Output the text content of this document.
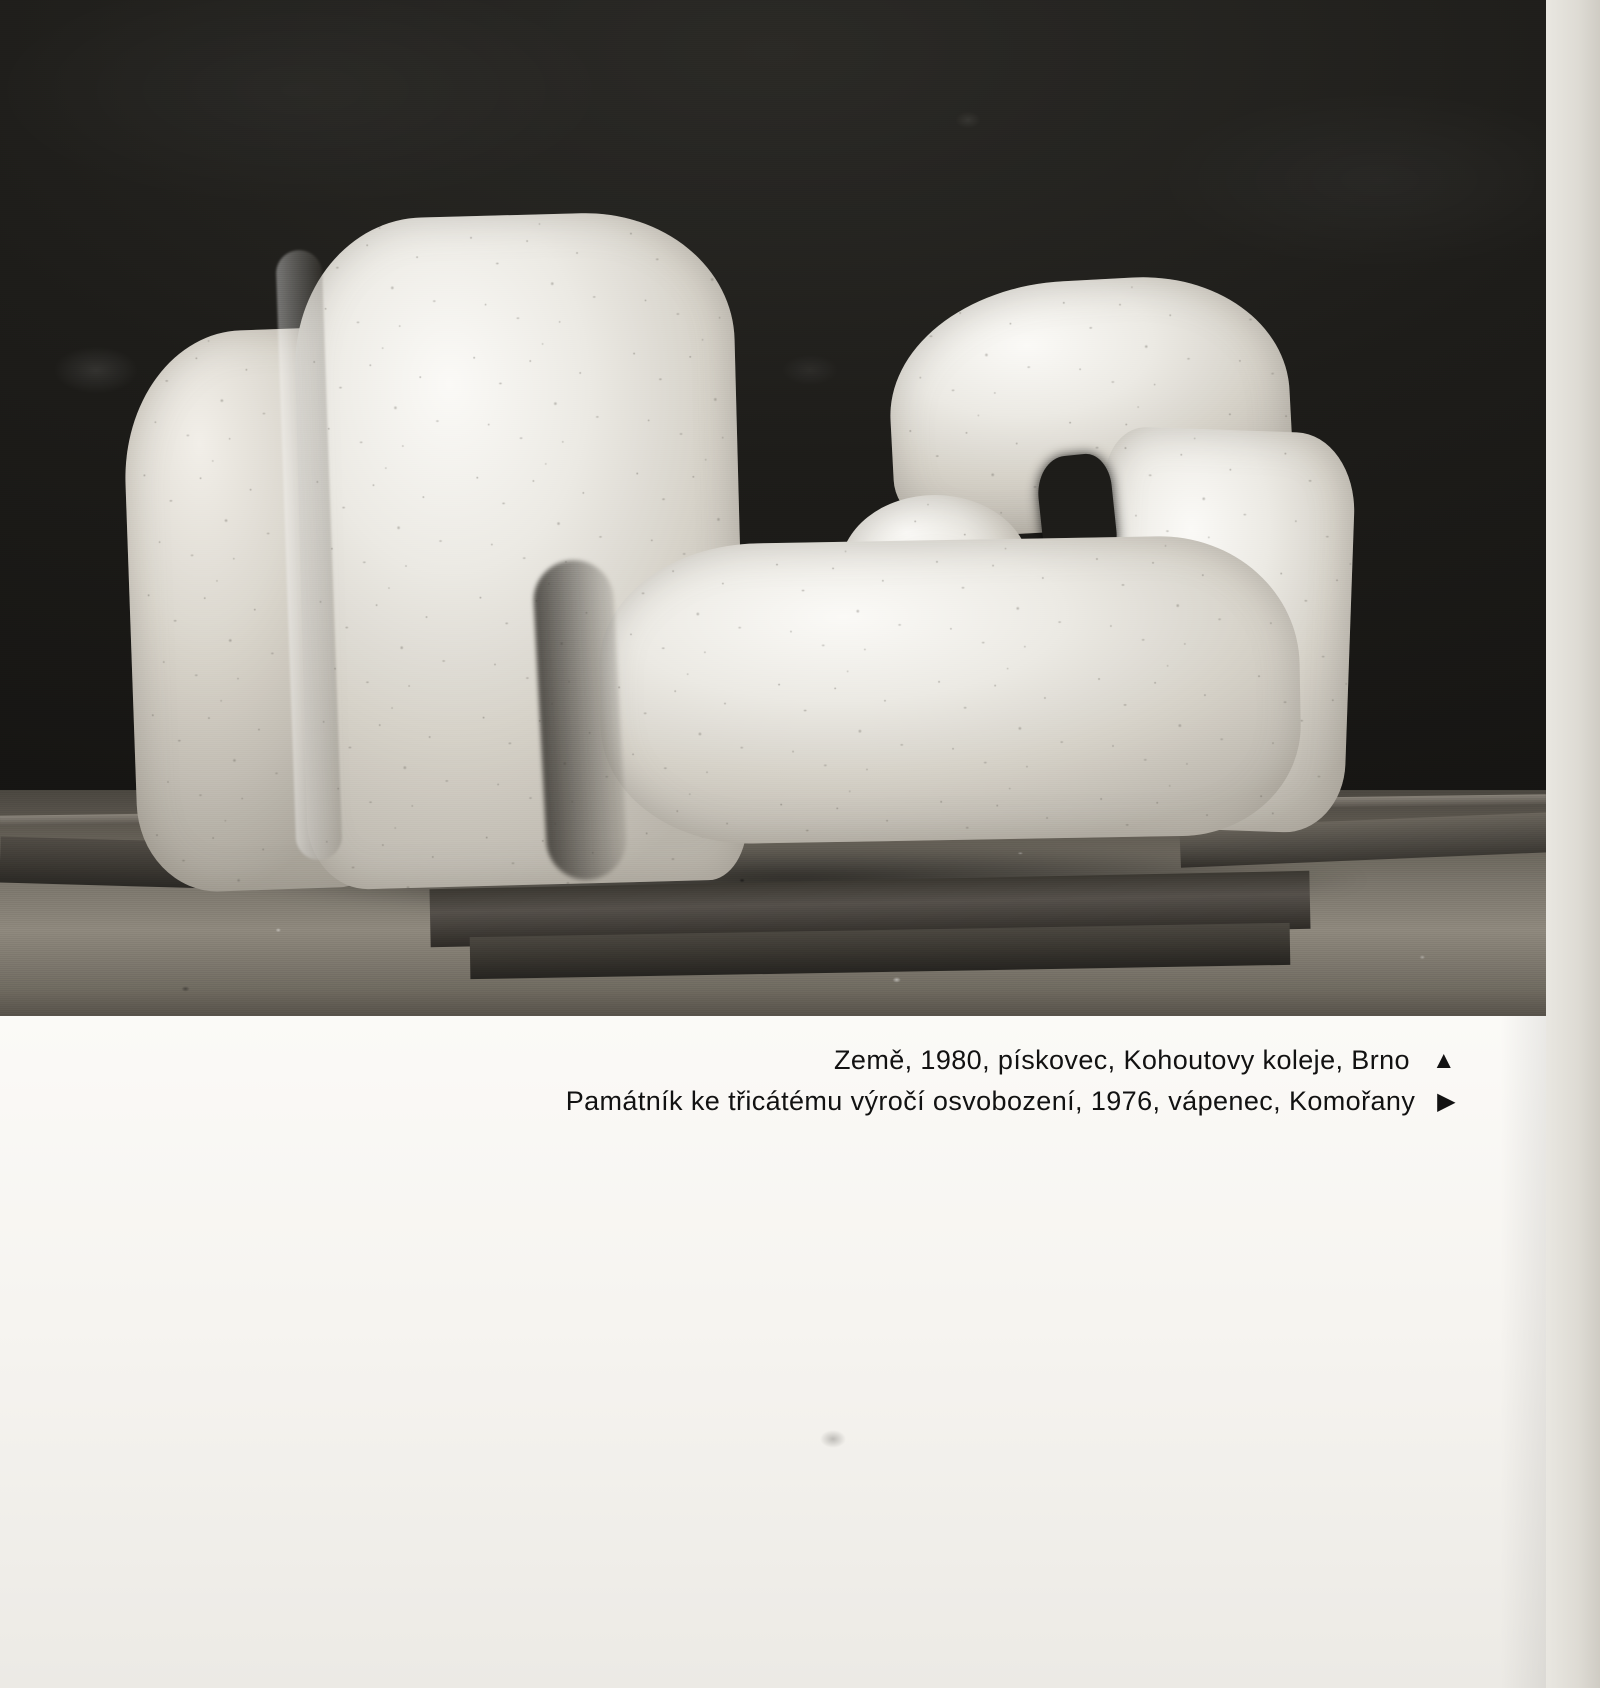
Země, 1980, pískovec, Kohoutovy koleje, Brno ▲
Památník ke třicátému výročí osvobození, 1976, vápenec, Komořany ▶
